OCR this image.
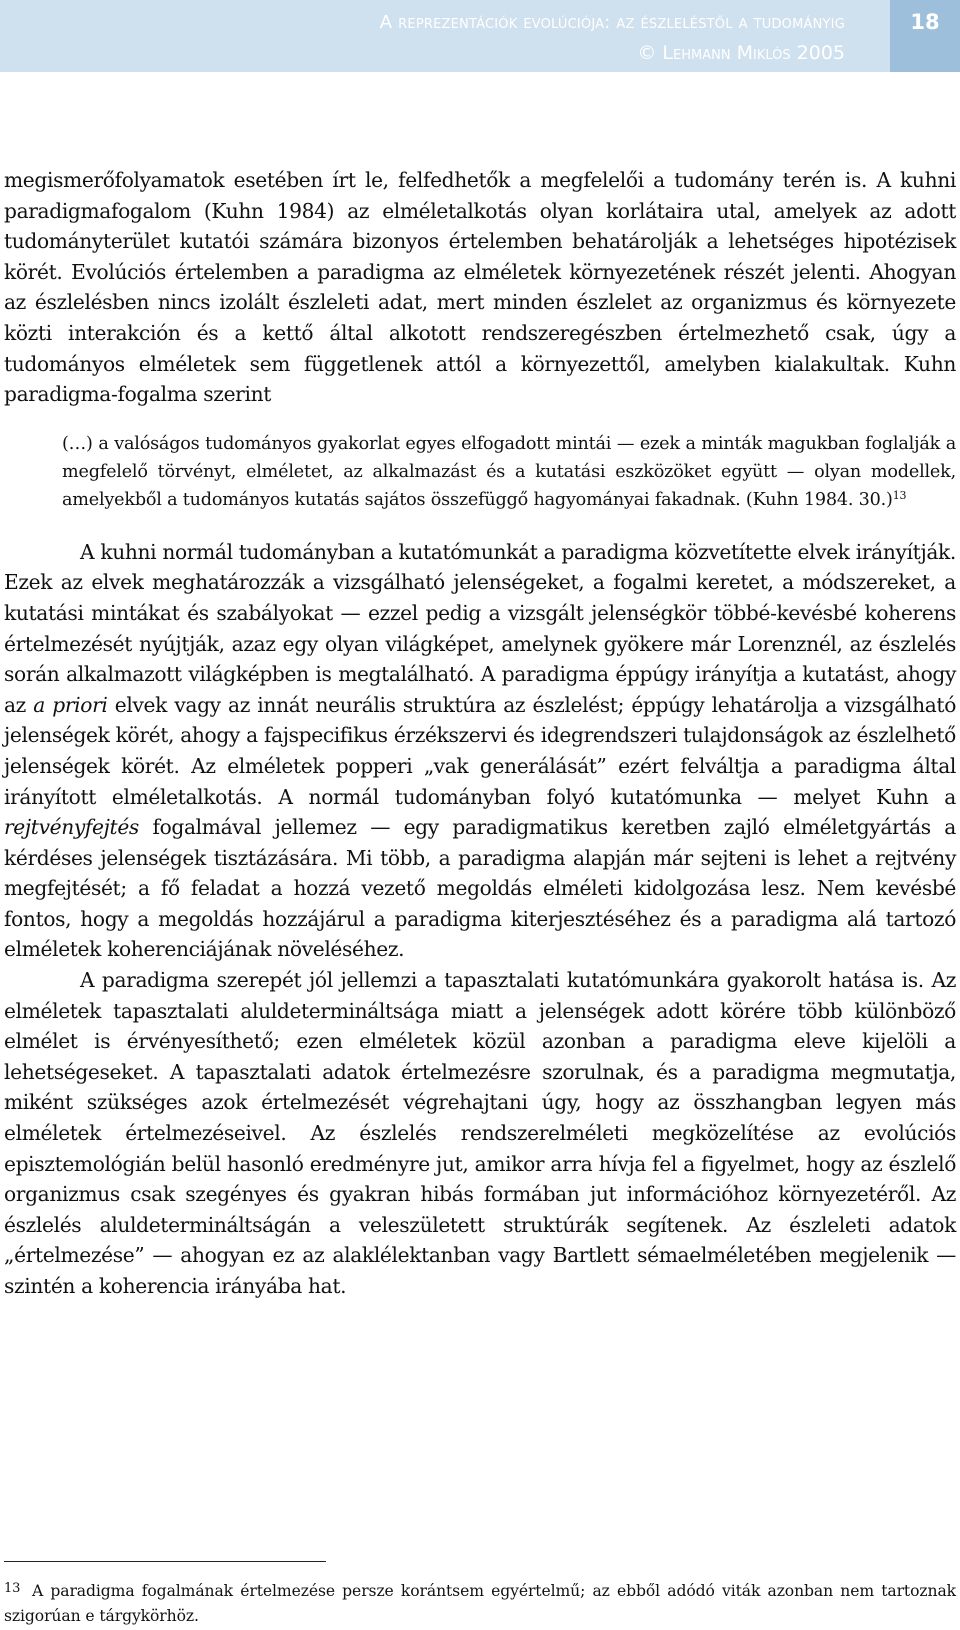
A reprezentációk evolúciója: az észleléstől a tudományig
© Lehmann Miklós 2005
18

megismerőfolyamatok esetében írt le, felfedhetők a megfelelői a tudomány terén is. A kuhni paradigmafogalom (Kuhn 1984) az elméletalkotás olyan korlátaira utal, amelyek az adott tudományterület kutatói számára bizonyos értelemben behatárolják a lehetséges hipotézisek körét. Evolúciós értelemben a paradigma az elméletek környezetének részét jelenti. Ahogyan az észlelésben nincs izolált észleleti adat, mert minden észlelet az organizmus és környezete közti interakción és a kettő által alkotott rendszeregészben értelmezhető csak, úgy a tudományos elméletek sem függetlenek attól a környezettől, amelyben kialakultak. Kuhn paradigma-fogalma szerint

(…) a valóságos tudományos gyakorlat egyes elfogadott mintái — ezek a minták magukban foglalják a megfelelő törvényt, elméletet, az alkalmazást és a kutatási eszközöket együtt — olyan modellek, amelyekből a tudományos kutatás sajátos összefüggő hagyományai fakadnak. (Kuhn 1984. 30.)$^{13}$

A kuhni normál tudományban a kutatómunkát a paradigma közvetítette elvek irányítják. Ezek az elvek meghatározzák a vizsgálható jelenségeket, a fogalmi keretet, a módszereket, a kutatási mintákat és szabályokat — ezzel pedig a vizsgált jelenségkör többé-kevésbé koherens értelmezését nyújtják, azaz egy olyan világképet, amelynek gyökere már Lorenznél, az észlelés során alkalmazott világképben is megtalálható. A paradigma éppúgy irányítja a kutatást, ahogy az a priori elvek vagy az innát neurális struktúra az észlelést; éppúgy lehatárolja a vizsgálható jelenségek körét, ahogy a fajspecifikus érzékszervi és idegrendszeri tulajdonságok az észlelhető jelenségek körét. Az elméletek popperi „vak generálását” ezért felváltja a paradigma által irányított elméletalkotás. A normál tudományban folyó kutatómunka — melyet Kuhn a rejtvényfejtés fogalmával jellemez — egy paradigmatikus keretben zajló elméletgyártás a kérdéses jelenségek tisztázására. Mi több, a paradigma alapján már sejteni is lehet a rejtvény megfejtését; a fő feladat a hozzá vezető megoldás elméleti kidolgozása lesz. Nem kevésbé fontos, hogy a megoldás hozzájárul a paradigma kiterjesztéséhez és a paradigma alá tartozó elméletek koherenciájának növeléséhez.

A paradigma szerepét jól jellemzi a tapasztalati kutatómunkára gyakorolt hatása is. Az elméletek tapasztalati aluldetermináltsága miatt a jelenségek adott körére több különböző elmélet is érvényesíthető; ezen elméletek közül azonban a paradigma eleve kijelöli a lehetségeseket. A tapasztalati adatok értelmezésre szorulnak, és a paradigma megmutatja, miként szükséges azok értelmezését végrehajtani úgy, hogy az összhangban legyen más elméletek értelmezéseivel. Az észlelés rendszerelméleti megközelítése az evolúciós episztemológián belül hasonló eredményre jut, amikor arra hívja fel a figyelmet, hogy az észlelő organizmus csak szegényes és gyakran hibás formában jut információhoz környezetéről. Az észlelés aluldetermináltságán a veleszületett struktúrák segítenek. Az észleleti adatok „értelmezése” — ahogyan ez az alaklélektanban vagy Bartlett sémaelméletében megjelenik — szintén a koherencia irányába hat.

13 A paradigma fogalmának értelmezése persze korántsem egyértelmű; az ebből adódó viták azonban nem tartoznak szigorúan e tárgykörhöz.
